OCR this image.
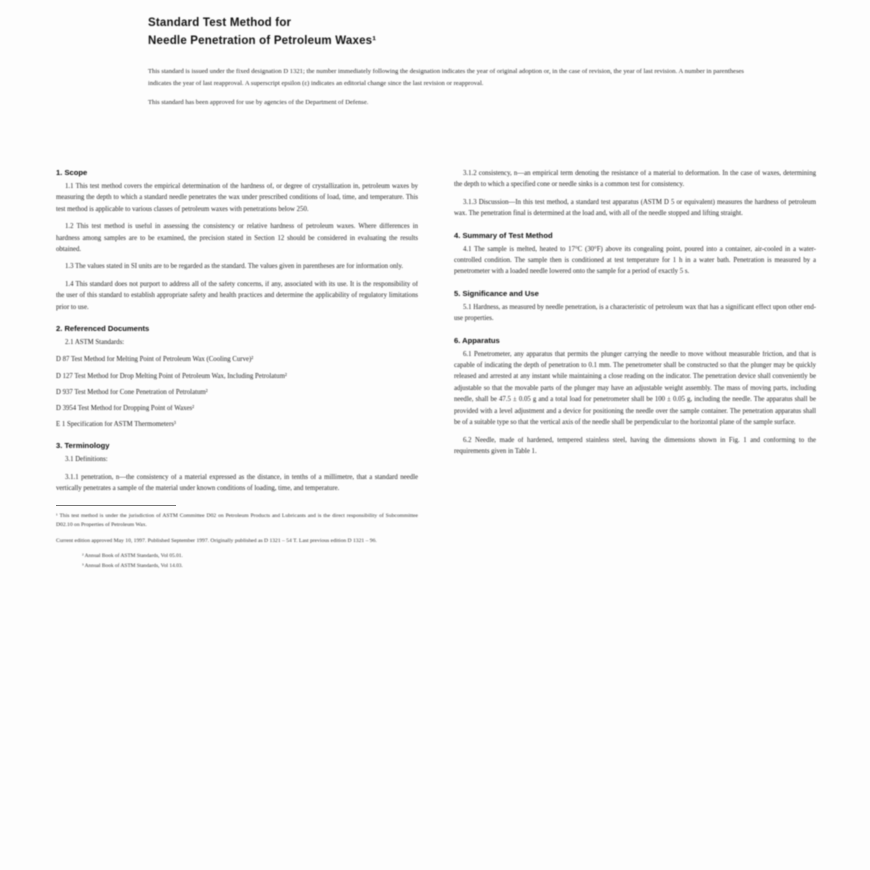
Standard Test Method for
Needle Penetration of Petroleum Waxes¹

This standard is issued under the fixed designation D 1321; the number immediately following the designation indicates the year of original adoption or, in the case of revision, the year of last revision. A number in parentheses indicates the year of last reapproval. A superscript epsilon (ε) indicates an editorial change since the last revision or reapproval.

This standard has been approved for use by agencies of the Department of Defense.

1. Scope

1.1 This test method covers the empirical determination of the hardness of, or degree of crystallization in, petroleum waxes by measuring the depth to which a standard needle penetrates the wax under prescribed conditions of load, time, and temperature. This test method is applicable to various classes of petroleum waxes with penetrations below 250.

1.2 This test method is useful in assessing the consistency or relative hardness of petroleum waxes. Where differences in hardness among samples are to be examined, the precision stated in Section 12 should be considered in evaluating the results obtained.

1.3 The values stated in SI units are to be regarded as the standard. The values given in parentheses are for information only.

1.4 This standard does not purport to address all of the safety concerns, if any, associated with its use. It is the responsibility of the user of this standard to establish appropriate safety and health practices and determine the applicability of regulatory limitations prior to use.

2. Referenced Documents

2.1 ASTM Standards:

D 87 Test Method for Melting Point of Petroleum Wax (Cooling Curve)²

D 127 Test Method for Drop Melting Point of Petroleum Wax, Including Petrolatum²

D 937 Test Method for Cone Penetration of Petrolatum²

D 3954 Test Method for Dropping Point of Waxes²

E 1 Specification for ASTM Thermometers³

3. Terminology

3.1 Definitions:

3.1.1 penetration, n—the consistency of a material expressed as the distance, in tenths of a millimetre, that a standard needle vertically penetrates a sample of the material under known conditions of loading, time, and temperature.

¹ This test method is under the jurisdiction of ASTM Committee D02 on Petroleum Products and Lubricants and is the direct responsibility of Subcommittee D02.10 on Properties of Petroleum Wax.

Current edition approved May 10, 1997. Published September 1997. Originally published as D 1321 – 54 T. Last previous edition D 1321 – 96.

² Annual Book of ASTM Standards, Vol 05.01.
³ Annual Book of ASTM Standards, Vol 14.03.

3.1.2 consistency, n—an empirical term denoting the resistance of a material to deformation. In the case of waxes, determining the depth to which a specified cone or needle sinks is a common test for consistency.

3.1.3 Discussion—In this test method, a standard test apparatus (ASTM D 5 or equivalent) measures the hardness of petroleum wax. The penetration final is determined at the load and, with all of the needle stopped and lifting straight.

4. Summary of Test Method

4.1 The sample is melted, heated to 17°C (30°F) above its congealing point, poured into a container, air-cooled in a water-controlled condition. The sample then is conditioned at test temperature for 1 h in a water bath. Penetration is measured by a penetrometer with a loaded needle lowered onto the sample for a period of exactly 5 s.

5. Significance and Use

5.1 Hardness, as measured by needle penetration, is a characteristic of petroleum wax that has a significant effect upon other end-use properties.

6. Apparatus

6.1 Penetrometer, any apparatus that permits the plunger carrying the needle to move without measurable friction, and that is capable of indicating the depth of penetration to 0.1 mm. The penetrometer shall be constructed so that the plunger may be quickly released and arrested at any instant while maintaining a close reading on the indicator. The penetration device shall conveniently be adjustable so that the movable parts of the plunger may have an adjustable weight assembly. The mass of moving parts, including needle, shall be 47.5 ± 0.05 g and a total load for penetrometer shall be 100 ± 0.05 g, including the needle. The apparatus shall be provided with a level adjustment and a device for positioning the needle over the sample container. The penetration apparatus shall be of a suitable type so that the vertical axis of the needle shall be perpendicular to the horizontal plane of the sample surface.

6.2 Needle, made of hardened, tempered stainless steel, having the dimensions shown in Fig. 1 and conforming to the requirements given in Table 1.
